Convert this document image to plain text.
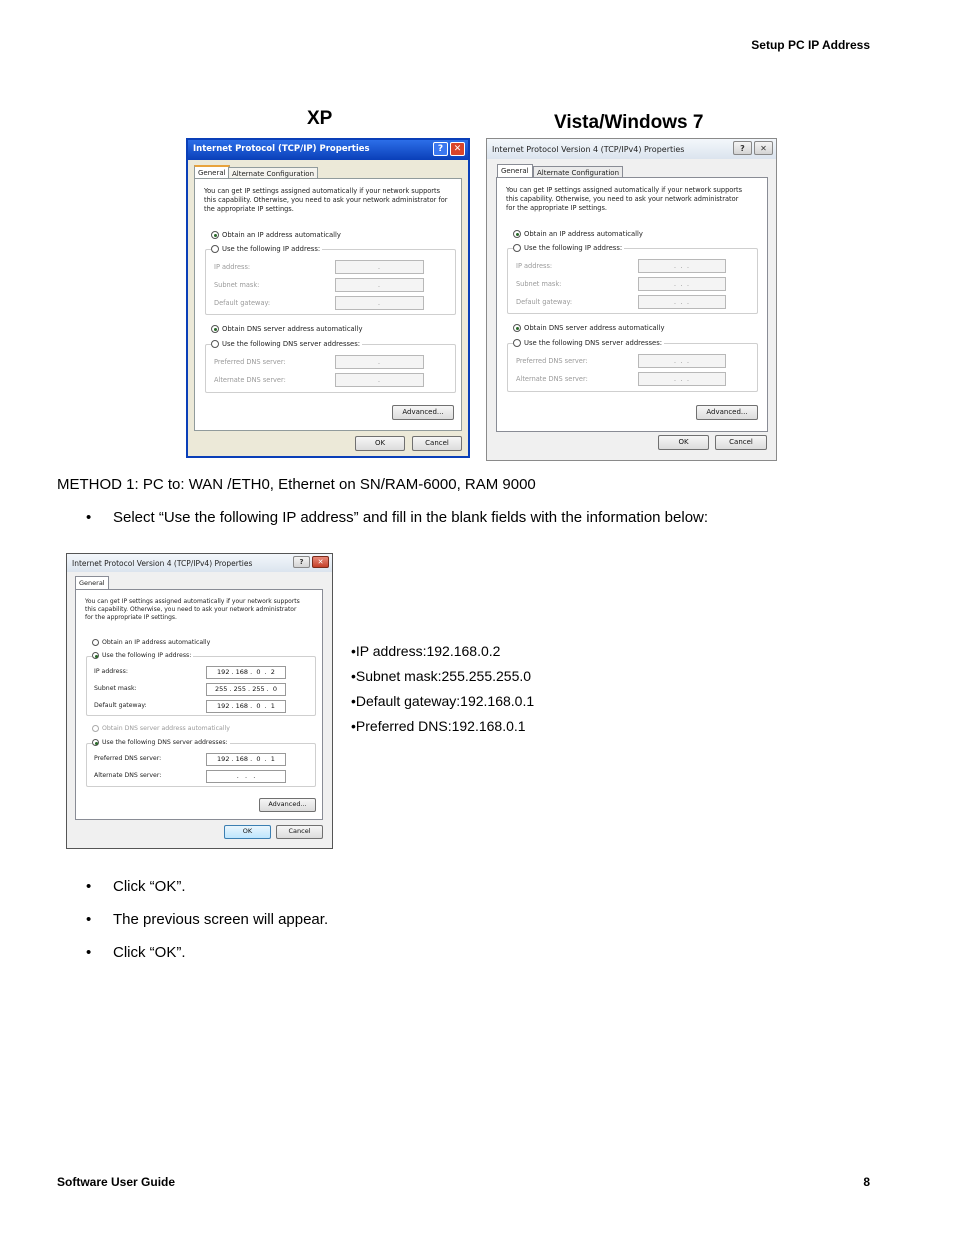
Setup PC IP Address
Software User Guide	8
XP	Vista/Windows 7
Internet Protocol (TCP/IP) Properties	?	✕
General Alternate Configuration
You can get IP settings assigned automatically if your network supports
this capability. Otherwise, you need to ask your network administrator for
the appropriate IP settings.
Obtain an IP address automatically
Use the following IP address:
IP address:	.
Subnet mask:	.
Default gateway:	.
Obtain DNS server address automatically
Use the following DNS server addresses:
Preferred DNS server:	.
Alternate DNS server:	.
Advanced...
OK	Cancel
Internet Protocol Version 4 (TCP/IPv4) Properties	?	✕
General	Alternate Configuration
You can get IP settings assigned automatically if your network supports
this capability. Otherwise, you need to ask your network administrator
for the appropriate IP settings.
Obtain an IP address automatically
Use the following IP address:
IP address:	. . .
Subnet mask:	. . .
Default gateway:	. . .
Obtain DNS server address automatically
Use the following DNS server addresses:
Preferred DNS server:	. . .
Alternate DNS server:	. . .
Advanced...
OK	Cancel
METHOD 1: PC to: WAN /ETH0, Ethernet on SN/RAM-6000, RAM 9000
• Select “Use the following IP address” and fill in the blank fields with the information below:
Internet Protocol Version 4 (TCP/IPv4) Properties	?	✕
General
You can get IP settings assigned automatically if your network supports
this capability. Otherwise, you need to ask your network administrator
for the appropriate IP settings.
Obtain an IP address automatically
Use the following IP address:
IP address:	192 . 168 .  0  .  2
Subnet mask:	255 . 255 . 255 .  0
Default gateway:	192 . 168 .  0  .  1
Obtain DNS server address automatically
Use the following DNS server addresses:
Preferred DNS server:	192 . 168 .  0  .  1
Alternate DNS server:	.   .   .
Advanced...
OK	Cancel
•IP address:192.168.0.2
•Subnet mask:255.255.255.0
•Default gateway:192.168.0.1
•Preferred DNS:192.168.0.1
• Click “OK”.
• The previous screen will appear.
• Click “OK”.
